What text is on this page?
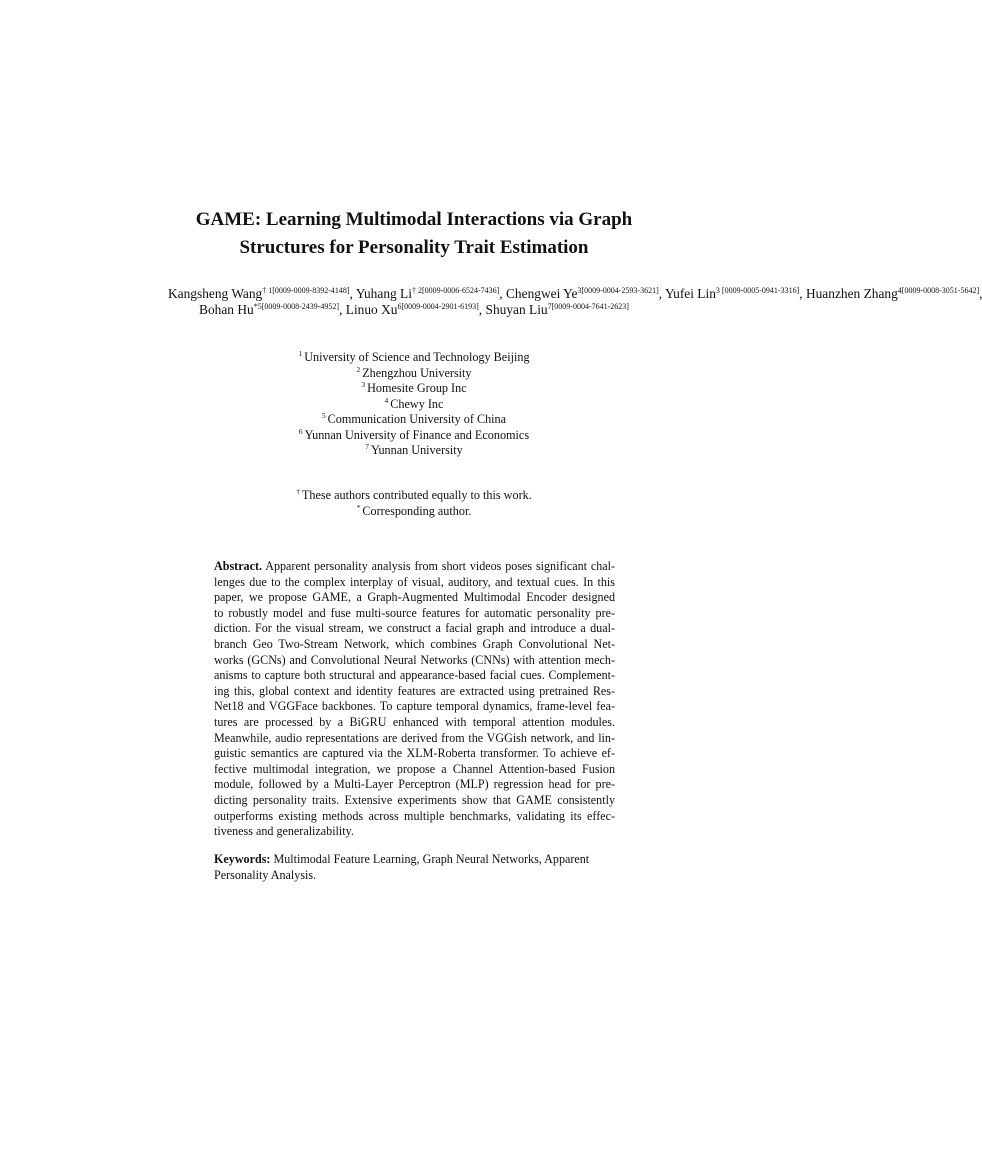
GAME: Learning Multimodal Interactions via Graph
Structures for Personality Trait Estimation
Kangsheng Wang$^{\dagger 1[0009-0009-8392-4148]}$, Yuhang $Li^{\dagger 2[0009-0006-6524-7436]}$, Chengwei $Ye^{3[0009-0004-2593-3621]}$, Yufei Lin$^{3 [0009-0005-0941-3316]}$, Huanzhen Zhang$^{4[0009-0008-3051-5642]}$
Bohan $Hu^{*5[0009-0008-2439-4952]}$, Linuo $Xu^{6[0009-0004-2901-6193]}$, Shuyan Liu$^{7[0009-0004-7641-2623]}$
$^1$ University of Science and Technology Beijing
$^2$ Zhengzhou University
$^3$ Homesite Group Inc
$^4$ Chewy Inc
$^5$ Communication University of China
$^6$ Yunnan University of Finance and Economics
$^7$ Yunnan University
† These authors contributed equally to this work.
* Corresponding author.
Abstract. Apparent personality analysis from short videos poses significant chal-
lenges due to the complex interplay of visual, auditory, and textual cues. In this
paper, we propose GAME, a Graph-Augmented Multimodal Encoder designed
to robustly model and fuse multi-source features for automatic personality pre-
diction. For the visual stream, we construct a facial graph and introduce a dual-
branch Geo Two-Stream Network, which combines Graph Convolutional Net-
works (GCNs) and Convolutional Neural Networks (CNNs) with attention mech-
anisms to capture both structural and appearance-based facial cues. Complement-
ing this, global context and identity features are extracted using pretrained Res-
Net18 and VGGFace backbones. To capture temporal dynamics, frame-level fea-
tures are processed by a BiGRU enhanced with temporal attention modules.
Meanwhile, audio representations are derived from the VGGish network, and lin-
guistic semantics are captured via the XLM-Roberta transformer. To achieve ef-
fective multimodal integration, we propose a Channel Attention-based Fusion
module, followed by a Multi-Layer Perceptron (MLP) regression head for pre-
dicting personality traits. Extensive experiments show that GAME consistently
outperforms existing methods across multiple benchmarks, validating its effec-
tiveness and generalizability.
Keywords: Multimodal Feature Learning, Graph Neural Networks, Apparent
Personality Analysis.
